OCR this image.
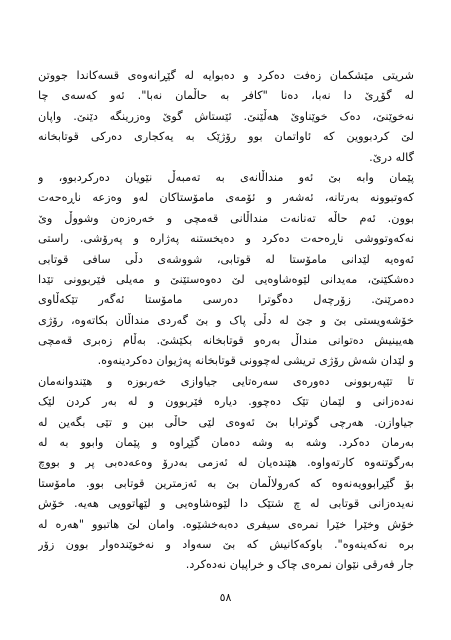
شریتی مێشکمان زەفت دەکرد و دەبوایە لە گێڕانەوەی قسەکاندا جووتن
لە گۆڕێ دا نەبا، دەنا "کافر بە حاڵمان نەبا". ئەو کەسەی چا
نەخوێنێ، دەک خوێناوێ هەڵێنێ. ئێستاش گوێ وەزرینگە دێنێ. واپان
لێ کردبووین کە ئاواتمان بوو رۆژێک بە یەکجاری دەرکی قوتابخانە
گالە درێ.
پێمان وابە بێ ئەو منداڵانەی بە تەمبەڵ نێویان دەرکردبوو، و
کەوتبوونە بەرتانە، ئەشەر و ئۆمەی مامۆستاکان لەو وەزعە ناڕەحەت
بوون. ئەم حاڵە تەنانەت منداڵانی قەمچی و خەرەزەن وشووڵ وێ
نەکەوتووشی ناڕەحەت دەکرد و دەیخستنە پەژارە و پەرۆشی. راستی
ئەوەیە لێدانی مامۆستا لە قوتابی، شووشەی دڵی سافی قوتابی
دەشکێنێ، مەیدانی لێوەشاوەیی لێ دەوەستێنێ و مەیلی فێربوونی تێدا
دەمرێنێ. زۆرچەل دەگوترا دەرسی مامۆستا ئەگەر تێکەڵاوی
خۆشەویستی بێ و جێ لە دڵی پاک و بێ گەردی منداڵان بکاتەوە، رۆژی
هەیینیش دەتوانی منداڵ بەرەو قوتابخانە بکێشێ. بەڵام زەبری قەمچی
و لێدان شەش رۆژی تریشی لەچوونی قوتابخانە پەژیوان دەکردینەوە.
تا تێپەربوونی دەورەی سەرەتایی جیاوازی خەربوزە و هێندوانەمان
نەدەزانی و لێمان تێک دەچوو. دیارە فێربوون و لە بەر کردن لێک
جیاوازن. هەرچی گوترابا بێ ئەوەی لێی حاڵی بین و تێی بگەین لە
بەرمان دەکرد. وشە بە وشە دەمان گێڕاوە و پێمان وابوو بە لە
بەرگوتنەوە کارتەواوە. هێندەیان لە ئەزمی بەدرۆ وەعەدەبی پر و بووچ
بۆ گێڕابوویەنەوە کە کەرولاڵمان بێ بە ئەزمترین قوتابی بوو. مامۆستا
نەیدەزانی قوتابی لە چ شتێک دا لێوەشاوەیی و لێهاتوویی هەیە. خۆش
خۆش وخێرا خێرا نمرەی سیفری دەبەخشێوە. وامان لێ هاتبوو "هەرە لە
برە نەکەینەوە". باوکەکانیش کە بێ سەواد و نەخوێندەوار بوون زۆر
جار فەرقی نێوان نمرەی چاک و خراپیان نەدەکرد.
٥٨
